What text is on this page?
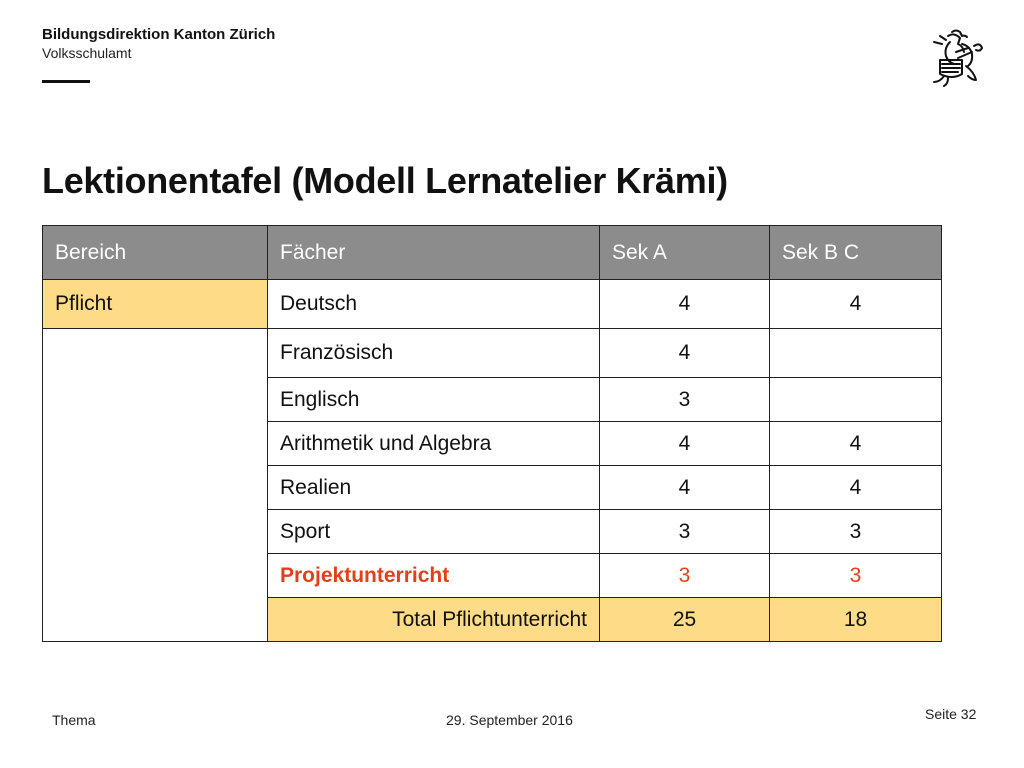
Bildungsdirektion Kanton Zürich
Volksschulamt
Lektionentafel (Modell Lernatelier Krämi)
Bereich	Fächer	Sek A	Sek B C
Pflicht	Deutsch	4	4
	Französisch	4	
	Englisch	3	
	Arithmetik und Algebra	4	4
	Realien	4	4
	Sport	3	3
	Projektunterricht	3	3
	Total Pflichtunterricht	25	18
Thema	29. September 2016	Seite 32
